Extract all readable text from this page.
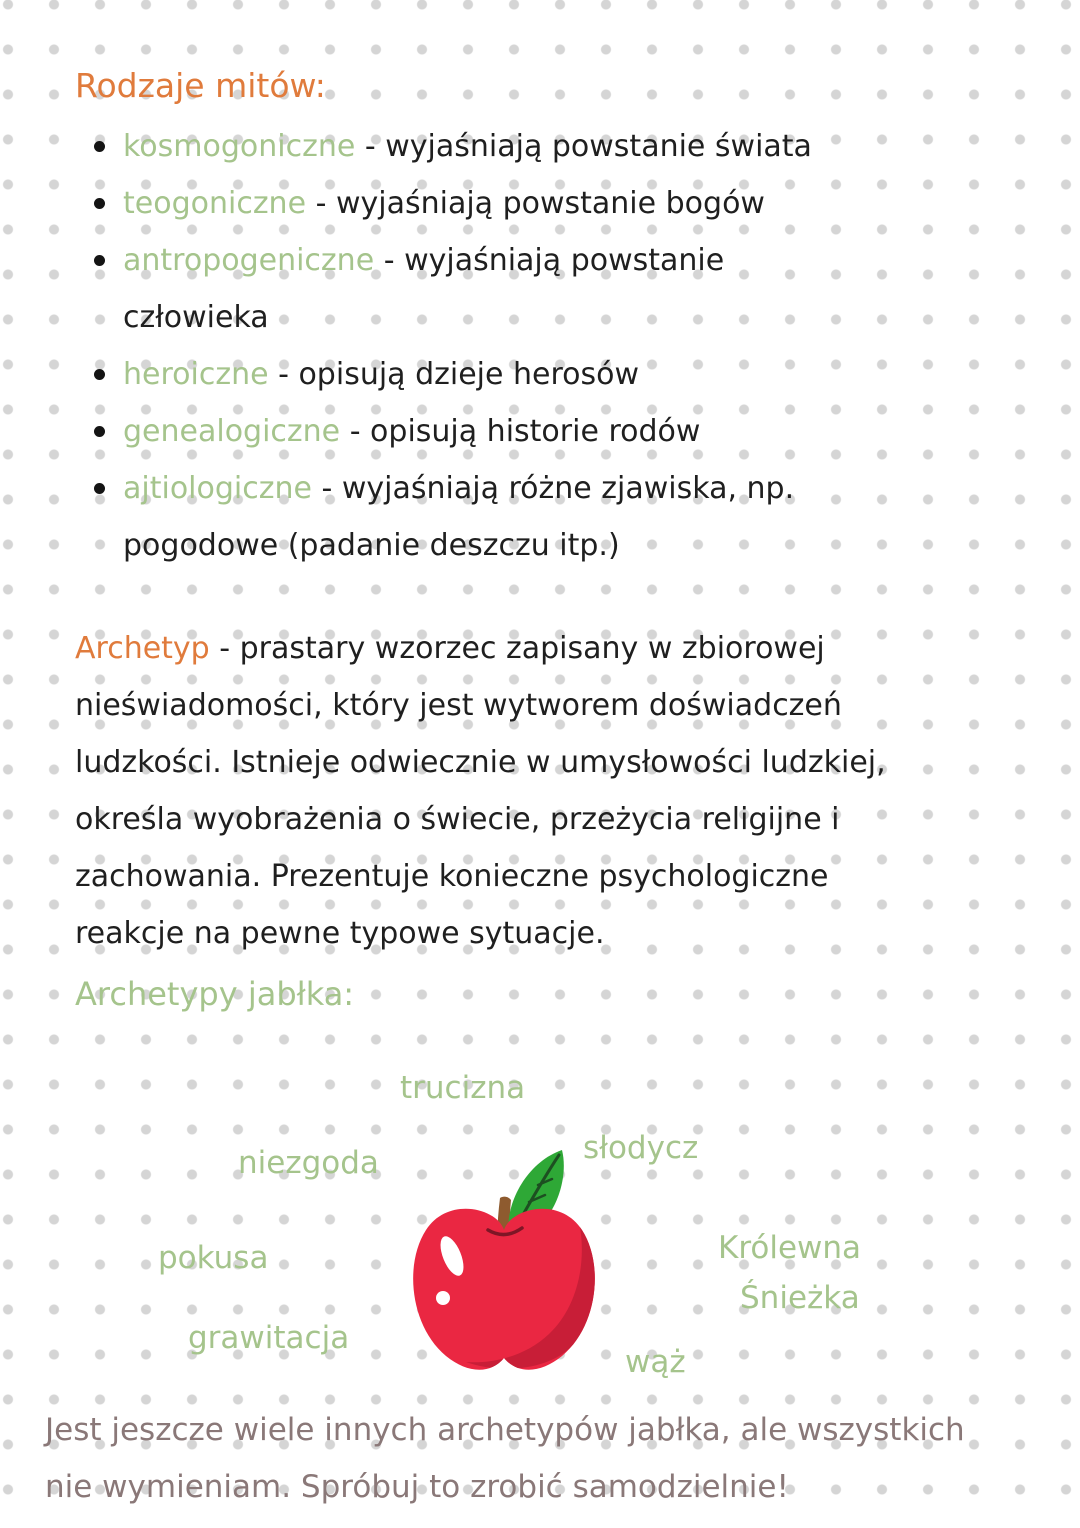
Rodzaje mitów:
kosmogoniczne - wyjaśniają powstanie świata
teogoniczne - wyjaśniają powstanie bogów
antropogeniczne - wyjaśniają powstanie
człowieka
heroiczne - opisują dzieje herosów
genealogiczne - opisują historie rodów
ajtiologiczne - wyjaśniają różne zjawiska, np.
pogodowe (padanie deszczu itp.)
Archetyp - prastary wzorzec zapisany w zbiorowej
nieświadomości, który jest wytworem doświadczeń
ludzkości. Istnieje odwiecznie w umysłowości ludzkiej,
określa wyobrażenia o świecie, przeżycia religijne i
zachowania. Prezentuje konieczne psychologiczne
reakcje na pewne typowe sytuacje.
Archetypy jabłka:
trucizna
słodycz
niezgoda
pokusa	Królewna
Śnieżka
grawitacja
wąż
Jest jeszcze wiele innych archetypów jabłka, ale wszystkich
nie wymieniam. Spróbuj to zrobić samodzielnie!
